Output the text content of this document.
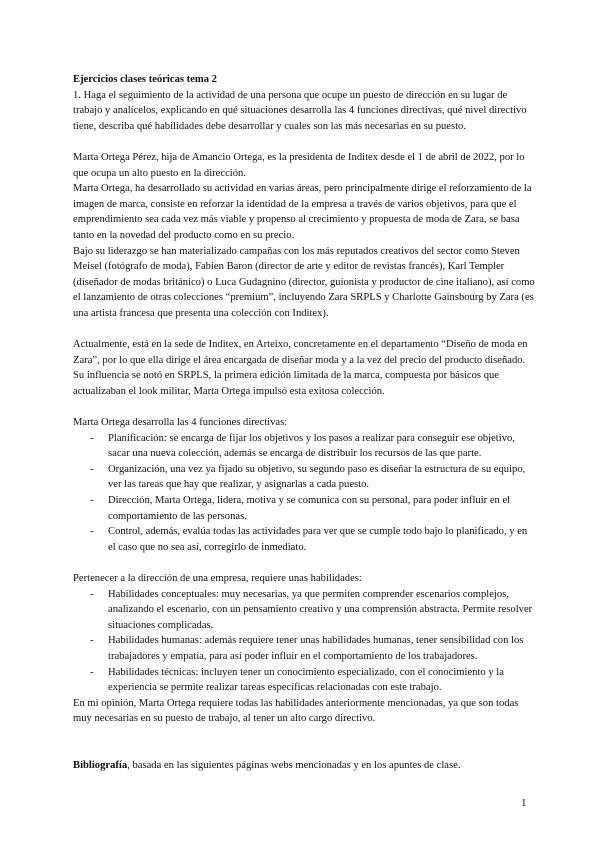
Ejercicios clases teóricas tema 2

1. Haga el seguimiento de la actividad de una persona que ocupe un puesto de dirección en su lugar de trabajo y analícelos, explicando en qué situaciones desarrolla las 4 funciones directivas, qué nivel directivo tiene, describa qué habilidades debe desarrollar y cuales son las más necesarias en su puesto.

Marta Ortega Pérez, hija de Amancio Ortega, es la presidenta de Inditex desde el 1 de abril de 2022, por lo que ocupa un alto puesto en la dirección.

Marta Ortega, ha desarrollado su actividad en varias áreas, pero principalmente dirige el reforzamiento de la imagen de marca, consiste en reforzar la identidad de la empresa a través de varios objetivos, para que el emprendimiento sea cada vez más viable y propenso al crecimiento y propuesta de moda de Zara, se basa tanto en la novedad del producto como en su precio.

Bajo su liderazgo se han materializado campañas con los más reputados creativos del sector como Steven Meisel (fotógrafo de moda), Fabien Baron (director de arte y editor de revistas francés), Karl Templer (diseñador de modas británico) o Luca Gudagnino (director, guionista y productor de cine italiano), así como el lanzamiento de otras colecciones “premium”, incluyendo Zara SRPLS y Charlotte Gainsbourg by Zara (es una artista francesa que presenta una colección con Inditex).

Actualmente, está en la sede de Inditex, en Arteixo, concretamente en el departamento “Diseño de moda en Zara”, por lo que ella dirige el área encargada de diseñar moda y a la vez del precio del producto diseñado.

Su influencia se notó en SRPLS, la primera edición limitada de la marca, compuesta por básicos que actualizaban el look militar, Marta Ortega impulsó esta exitosa colección.

Marta Ortega desarrolla las 4 funciones directivas:

- Planificación: se encarga de fijar los objetivos y los pasos a realizar para conseguir ese objetivo, sacar una nueva colección, además se encarga de distribuir los recursos de las que parte.
- Organización, una vez ya fijado su objetivo, su segundo paso es diseñar la estructura de su equipo, ver las tareas que hay que realizar, y asignarlas a cada puesto.
- Dirección, Marta Ortega, lidera, motiva y se comunica con su personal, para poder influir en el comportamiento de las personas.
- Control, además, evalúa todas las actividades para ver que se cumple todo bajo lo planificado, y en el caso que no sea así, corregirlo de inmediato.

Pertenecer a la dirección de una empresa, requiere unas habilidades:

- Habilidades conceptuales: muy necesarias, ya que permiten comprender escenarios complejos, analizando el escenario, con un pensamiento creativo y una comprensión abstracta. Permite resolver situaciones complicadas.
- Habilidades humanas: además requiere tener unas habilidades humanas, tener sensibilidad con los trabajadores y empatía, para así poder influir en el comportamiento de los trabajadores.
- Habilidades técnicas: incluyen tener un conocimiento especializado, con el conocimiento y la experiencia se permite realizar tareas específicas relacionadas con este trabajo.

En mi opinión, Marta Ortega requiere todas las habilidades anteriormente mencionadas, ya que son todas muy necesarias en su puesto de trabajo, al tener un alto cargo directivo.

Bibliografía, basada en las siguientes páginas webs mencionadas y en los apuntes de clase.

1
